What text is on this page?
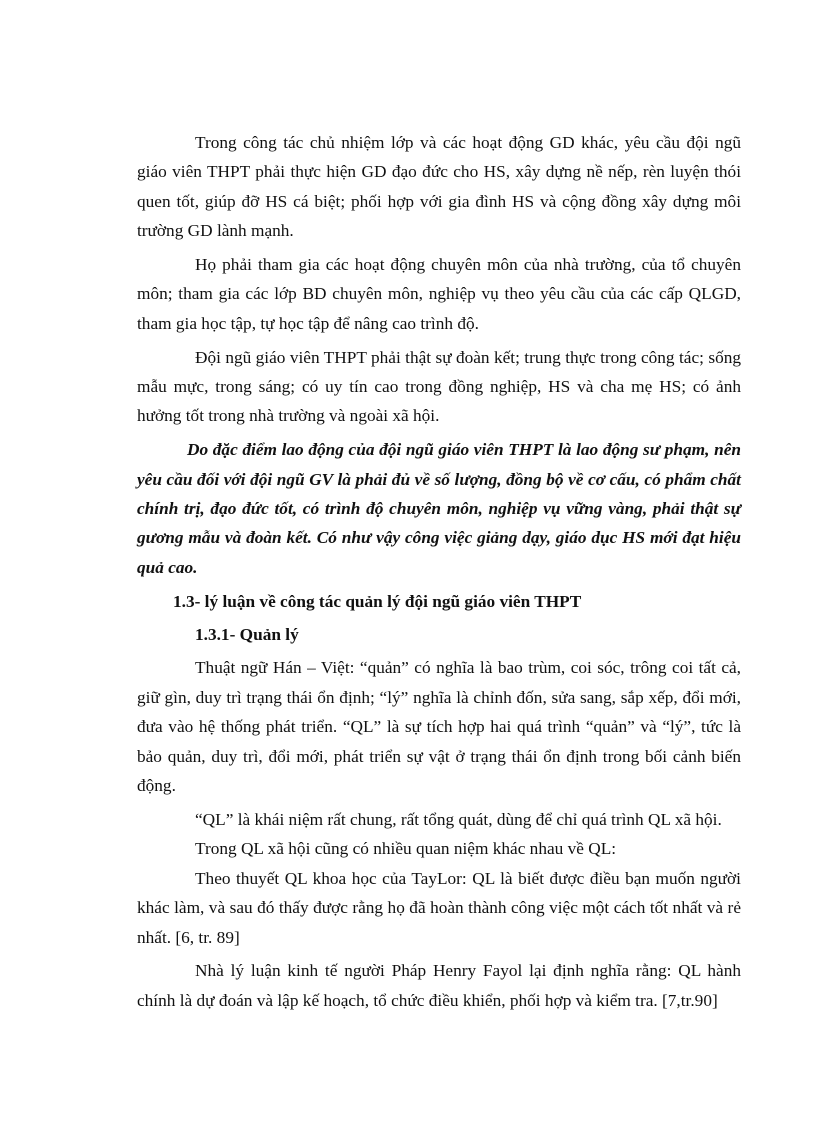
Trong công tác chủ nhiệm lớp và các hoạt động GD khác, yêu cầu đội ngũ giáo viên THPT phải thực hiện GD đạo đức cho HS, xây dựng nề nếp, rèn luyện thói quen tốt, giúp đỡ HS cá biệt; phối hợp với gia đình HS và cộng đồng xây dựng môi trường GD lành mạnh.

Họ phải tham gia các hoạt động chuyên môn của nhà trường, của tổ chuyên môn; tham gia các lớp BD chuyên môn, nghiệp vụ theo yêu cầu của các cấp QLGD, tham gia học tập, tự học tập để nâng cao trình độ.

Đội ngũ giáo viên THPT phải thật sự đoàn kết; trung thực trong công tác; sống mẫu mực, trong sáng; có uy tín cao trong đồng nghiệp, HS và cha mẹ HS; có ảnh hưởng tốt trong nhà trường và ngoài xã hội.

Do đặc điểm lao động của đội ngũ giáo viên THPT là lao động sư phạm, nên yêu cầu đối với đội ngũ GV là phải đủ về số lượng, đồng bộ về cơ cấu, có phẩm chất chính trị, đạo đức tốt, có trình độ chuyên môn, nghiệp vụ vững vàng, phải thật sự gương mẫu và đoàn kết. Có như vậy công việc giảng dạy, giáo dục HS mới đạt hiệu quả cao.

1.3- lý luận về công tác quản lý đội ngũ giáo viên THPT
1.3.1- Quản lý

Thuật ngữ Hán – Việt: “quản” có nghĩa là bao trùm, coi sóc, trông coi tất cả, giữ gìn, duy trì trạng thái ổn định; “lý” nghĩa là chỉnh đốn, sửa sang, sắp xếp, đổi mới, đưa vào hệ thống phát triển. “QL” là sự tích hợp hai quá trình “quản” và “lý”, tức là bảo quản, duy trì, đổi mới, phát triển sự vật ở trạng thái ổn định trong bối cảnh biến động.

“QL” là khái niệm rất chung, rất tổng quát, dùng để chỉ quá trình QL xã hội.

Trong QL xã hội cũng có nhiều quan niệm khác nhau về QL:

Theo thuyết QL khoa học của TayLor: QL là biết được điều bạn muốn người khác làm, và sau đó thấy được rằng họ đã hoàn thành công việc một cách tốt nhất và rẻ nhất. [6, tr. 89]

Nhà lý luận kinh tế người Pháp Henry Fayol lại định nghĩa rằng: QL hành chính là dự đoán và lập kế hoạch, tổ chức điều khiển, phối hợp và kiểm tra. [7,tr.90]
